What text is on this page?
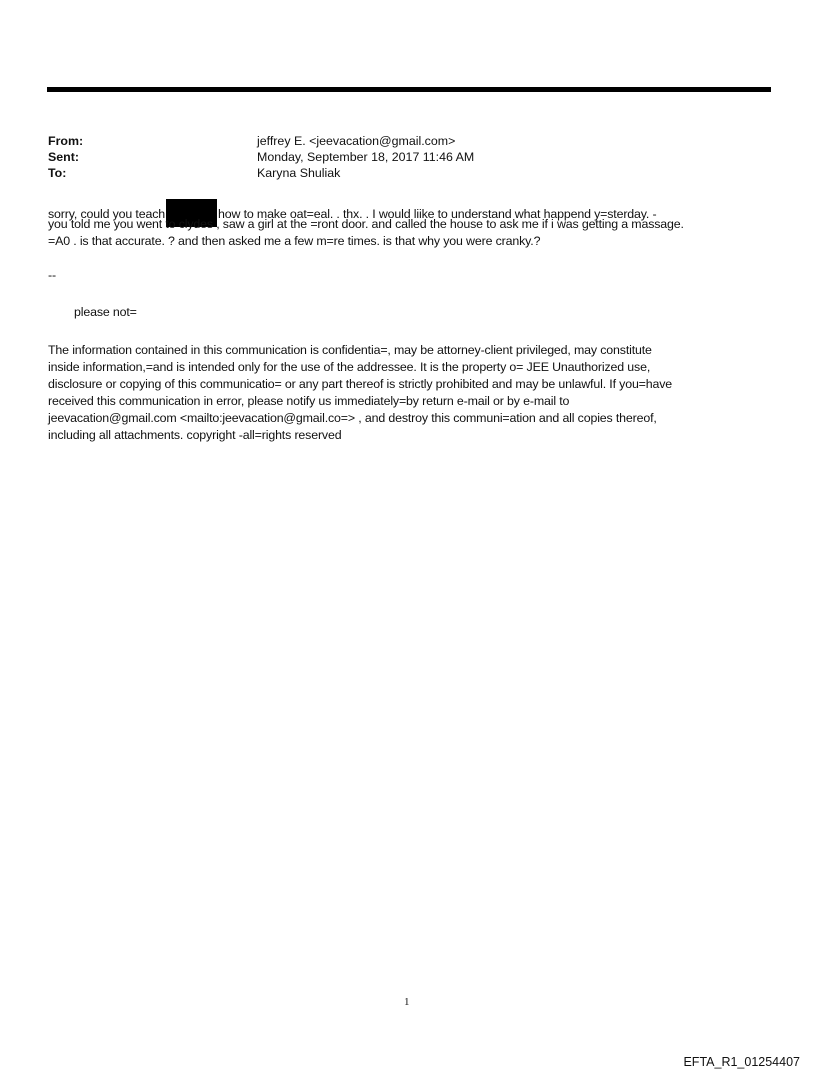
From:	jeffrey E. <jeevacation@gmail.com>
Sent:	Monday, September 18, 2017 11:46 AM
To:	Karyna Shuliak
sorry, could you teach	how to make oat=eal. . thx. . I would liike to understand what happend y=sterday. -
you told me you went to clydes , saw a girl at the =ront door. and called the house to ask me if i was getting a massage.
=A0 . is that accurate. ? and then asked me a few m=re times. is that why you were cranky.?
--
please not=
The information contained in this communication is confidentia=, may be attorney-client privileged, may constitute
inside information,=and is intended only for the use of the addressee. It is the property o= JEE Unauthorized use,
disclosure or copying of this communicatio= or any part thereof is strictly prohibited and may be unlawful. If you=have
received this communication in error, please notify us immediately=by return e-mail or by e-mail to
jeevacation@gmail.com <mailto:jeevacation@gmail.co=> , and destroy this communi=ation and all copies thereof,
including all attachments. copyright -all=rights reserved
1
EFTA_R1_01254407
